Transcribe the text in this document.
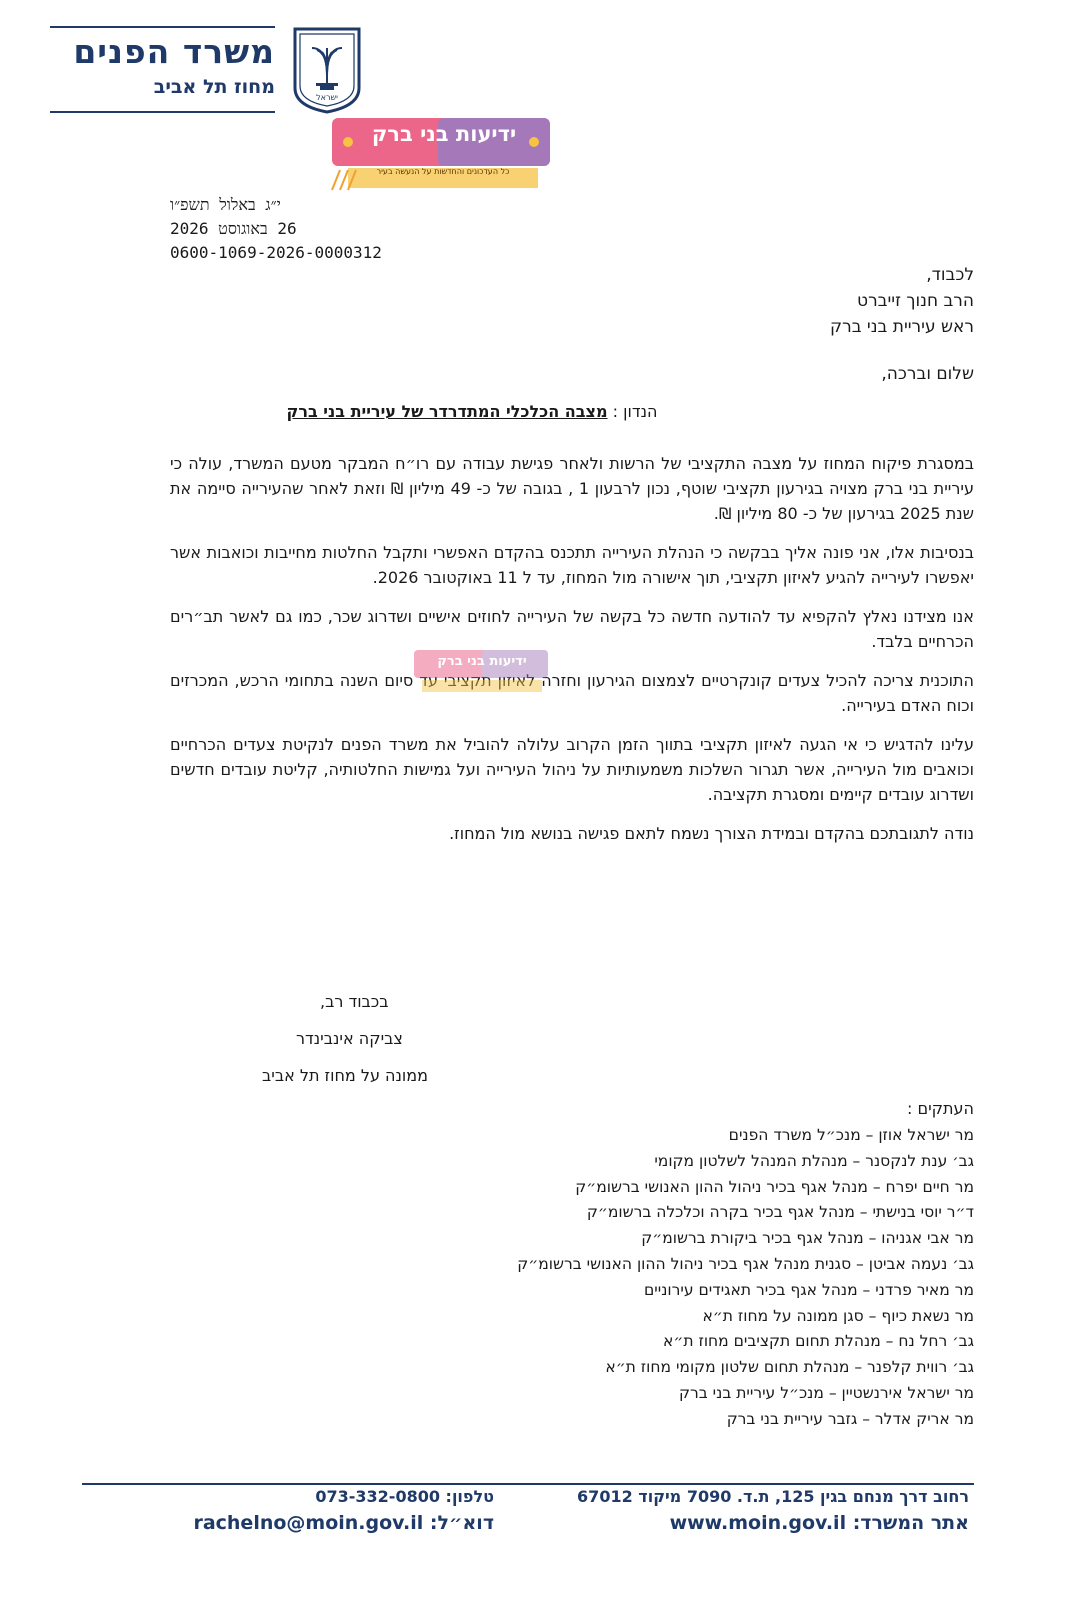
משרד הפנים
מחוז תל אביב	ישראל
ידיעות בני ברק
כל העדכונים והחדשות על הנעשה בעיר
י״ג באלול תשפ״ו
26 באוגוסט 2026
0600-1069-2026-0000312
לכבוד,
הרב חנוך זייברט
ראש עיריית בני ברק
שלום וברכה,
הנדון : מצבה הכלכלי המתדרדר של עיריית בני ברק

במסגרת פיקוח המחוז על מצבה התקציבי של הרשות ולאחר פגישת עבודה עם רו״ח המבקר מטעם המשרד, עולה כי עיריית בני ברק מצויה בגירעון תקציבי שוטף, נכון לרבעון 1 , בגובה של כ- 49 מיליון ₪ וזאת לאחר שהעירייה סיימה את שנת 2025 בגירעון של כ- 80 מיליון ₪.

בנסיבות אלו, אני פונה אליך בבקשה כי הנהלת העירייה תתכנס בהקדם האפשרי ותקבל החלטות מחייבות וכואבות אשר יאפשרו לעירייה להגיע לאיזון תקציבי, תוך אישורה מול המחוז, עד ל 11 באוקטובר 2026.

אנו מצידנו נאלץ להקפיא עד להודעה חדשה כל בקשה של העירייה לחוזים אישיים ושדרוג שכר, כמו גם לאשר תב״רים הכרחיים בלבד.

התוכנית צריכה להכיל צעדים קונקרטיים לצמצום הגירעון וחזרה לאיזון תקציבי עד סיום השנה בתחומי הרכש, המכרזים וכוח האדם בעירייה.

עלינו להדגיש כי אי הגעה לאיזון תקציבי בתווך הזמן הקרוב עלולה להוביל את משרד הפנים לנקיטת צעדים הכרחיים וכואבים מול העירייה, אשר תגרור השלכות משמעותיות על ניהול העירייה ועל גמישות החלטותיה, קליטת עובדים חדשים ושדרוג עובדים קיימים ומסגרת תקציבה.

נודה לתגובתכם בהקדם ובמידת הצורך נשמח לתאם פגישה בנושא מול המחוז.

ידיעות בני ברק
בכבוד רב,
צביקה אינבינדר
ממונה על מחוז תל אביב
העתקים :
מר ישראל אוזן – מנכ״ל משרד הפנים
גב׳ ענת לנקסנר – מנהלת המנהל לשלטון מקומי
מר חיים יפרח – מנהל אגף בכיר ניהול ההון האנושי ברשומ״ק
ד״ר יוסי בנישתי – מנהל אגף בכיר בקרה וכלכלה ברשומ״ק
מר אבי אגניהו – מנהל אגף בכיר ביקורת ברשומ״ק
גב׳ נעמה אביטן – סגנית מנהל אגף בכיר ניהול ההון האנושי ברשומ״ק
מר מאיר פרדני – מנהל אגף בכיר תאגידים עירוניים
מר נשאת כיוף – סגן ממונה על מחוז ת״א
גב׳ רחל נח – מנהלת תחום תקציבים מחוז ת״א
גב׳ רווית קלפנר – מנהלת תחום שלטון מקומי מחוז ת״א
מר ישראל אירנשטיין – מנכ״ל עיריית בני ברק
מר אריק אדלר – גזבר עיריית בני ברק
רחוב דרך מנחם בגין 125, ת.ד. 7090 מיקוד 67012
טלפון: 073-332-0800
אתר המשרד: www.moin.gov.il
דוא״ל: rachelno@moin.gov.il
